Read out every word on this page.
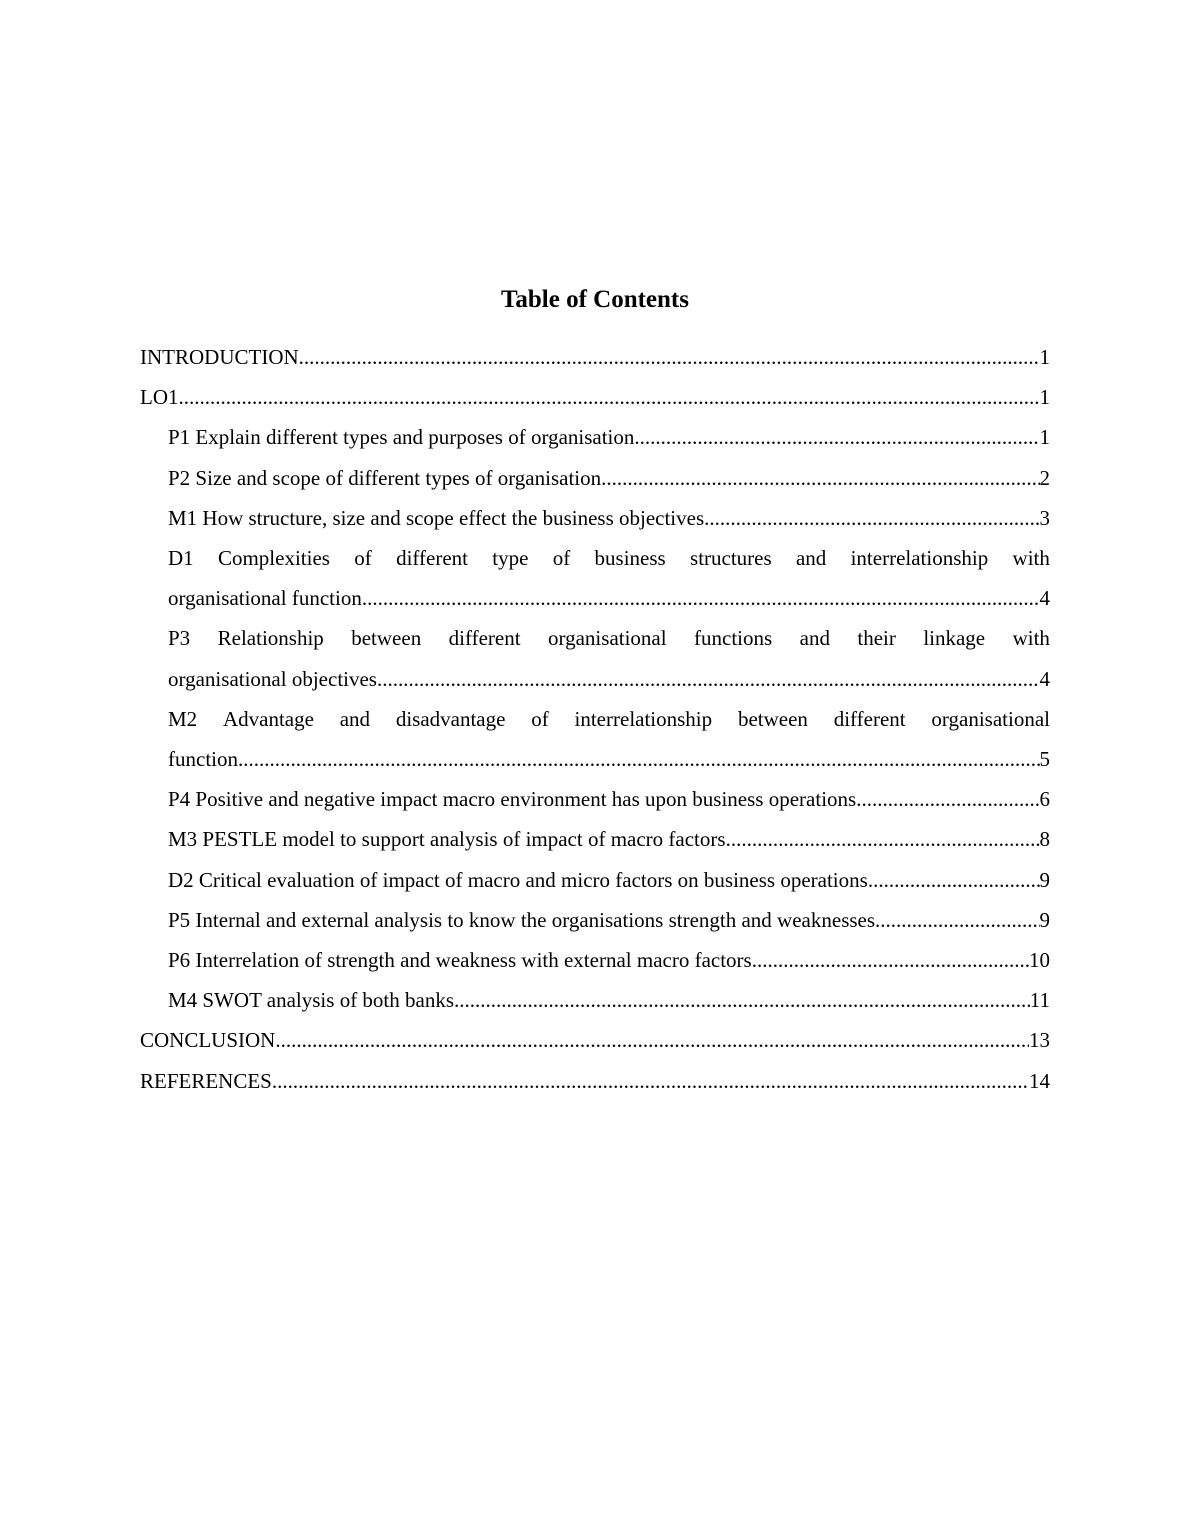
Table of Contents
INTRODUCTION .....	1
LO1 .....	1
P1 Explain different types and purposes of organisation .....	1
P2 Size and scope of different types of organisation .....	2
M1 How structure, size and scope effect the business objectives .....	3
D1 Complexities of different type of business structures and interrelationship with
organisational function .....	4
P3 Relationship between different organisational functions and their linkage with
organisational objectives .....	4
M2 Advantage and disadvantage of interrelationship between different organisational
function .....	5
P4 Positive and negative impact macro environment has upon business operations .....	6
M3 PESTLE model to support analysis of impact of macro factors .....	8
D2 Critical evaluation of impact of macro and micro factors on business operations .....	9
P5 Internal and external analysis to know the organisations strength and weaknesses .....	9
P6 Interrelation of strength and weakness with external macro factors .....	10
M4 SWOT analysis of both banks .....	11
CONCLUSION .....	13
REFERENCES .....	14
